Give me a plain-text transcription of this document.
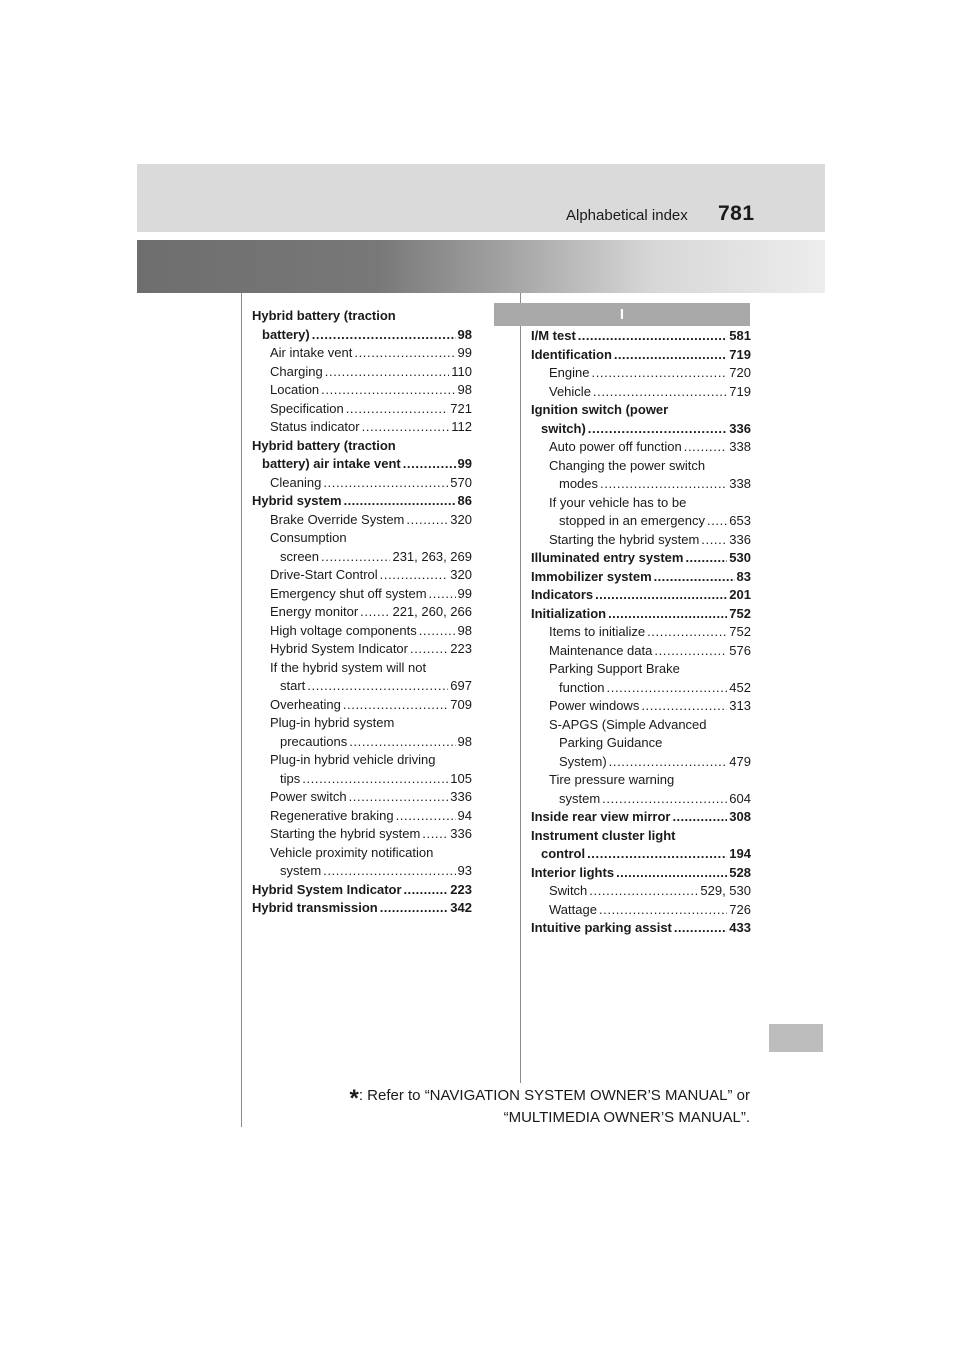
Alphabetical index 781
Hybrid battery (traction
battery) .....	98
Air intake vent .....	99
Charging .....	110
Location .....	98
Specification .....	721
Status indicator .....	112
Hybrid battery (traction
battery) air intake vent .....	99
Cleaning .....	570
Hybrid system .....	86
Brake Override System .....	320
Consumption
screen .....	231, 263, 269
Drive-Start Control .....	320
Emergency shut off system ..... 99
Energy monitor .....	221, 260, 266
High voltage components .....	98
Hybrid System Indicator .....	223
If the hybrid system will not
start .....	697
Overheating .....	709
Plug-in hybrid system
precautions .....	98
Plug-in hybrid vehicle driving
tips .....	105
Power switch .....	336
Regenerative braking .....	94
Starting the hybrid system ..... 336
Vehicle proximity notification
system .....	93
Hybrid System Indicator .....	223
Hybrid transmission .....	342
I
I/M test .....	581
Identification .....	719
Engine .....	720
Vehicle .....	719
Ignition switch (power
switch) .....	336
Auto power off function .....	338
Changing the power switch
modes .....	338
If your vehicle has to be
stopped in an emergency ..... 653
Starting the hybrid system ..... 336
Illuminated entry system .....	530
Immobilizer system .....	83
Indicators .....	201
Initialization .....	752
Items to initialize .....	752
Maintenance data .....	576
Parking Support Brake
function .....	452
Power windows .....	313
S-APGS (Simple Advanced
Parking Guidance
System) .....	479
Tire pressure warning
system .....	604
Inside rear view mirror .....	308
Instrument cluster light
control .....	194
Interior lights .....	528
Switch .....	529, 530
Wattage .....	726
Intuitive parking assist .....	433
*: Refer to “NAVIGATION SYSTEM OWNER’S MANUAL” or
“MULTIMEDIA OWNER’S MANUAL”.
